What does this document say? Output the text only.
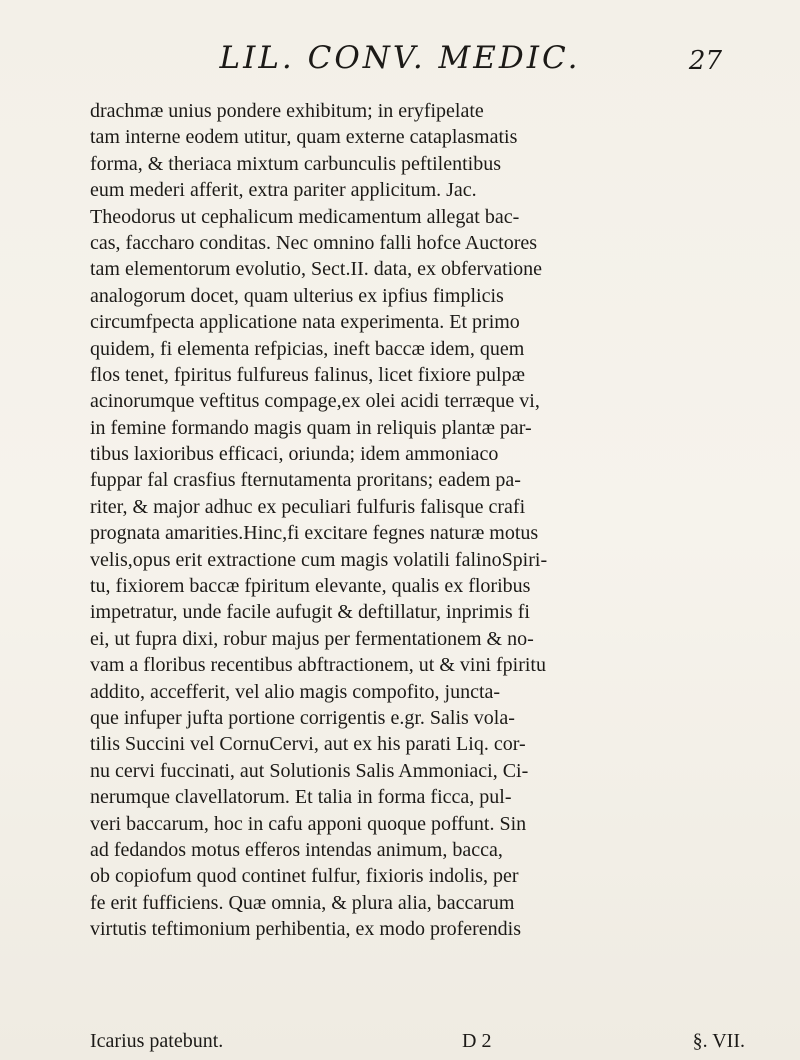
LIL. CONV. MEDIC.	27
drachmæ unius pondere exhibitum; in eryfipelate
tam interne eodem utitur, quam externe cataplasmatis
forma, & theriaca mixtum carbunculis peftilentibus
eum mederi afferit, extra pariter applicitum. Jac.
Theodorus ut cephalicum medicamentum allegat bac-
cas, faccharo conditas. Nec omnino falli hofce Auctores
tam elementorum evolutio, Sect.II. data, ex obfervatione
analogorum docet, quam ulterius ex ipfius fimplicis
circumfpecta applicatione nata experimenta. Et primo
quidem, fi elementa refpicias, ineft baccæ idem, quem
flos tenet, fpiritus fulfureus falinus, licet fixiore pulpæ
acinorumque veftitus compage,ex olei acidi terræque vi,
in femine formando magis quam in reliquis plantæ par-
tibus laxioribus efficaci, oriunda; idem ammoniaco
fuppar fal crasfius fternutamenta proritans; eadem pa-
riter, & major adhuc ex peculiari fulfuris falisque crafi
prognata amarities.Hinc,fi excitare fegnes naturæ motus
velis,opus erit extractione cum magis volatili falinoSpiri-
tu, fixiorem baccæ fpiritum elevante, qualis ex floribus
impetratur, unde facile aufugit & deftillatur, inprimis fi
ei, ut fupra dixi, robur majus per fermentationem & no-
vam a floribus recentibus abftractionem, ut & vini fpiritu
addito, accefferit, vel alio magis compofito, juncta-
que infuper jufta portione corrigentis e.gr. Salis vola-
tilis Succini vel CornuCervi, aut ex his parati Liq. cor-
nu cervi fuccinati, aut Solutionis Salis Ammoniaci, Ci-
nerumque clavellatorum. Et talia in forma ficca, pul-
veri baccarum, hoc in cafu apponi quoque poffunt. Sin
ad fedandos motus efferos intendas animum, bacca,
ob copiofum quod continet fulfur, fixioris indolis, per
fe erit fufficiens. Quæ omnia, & plura alia, baccarum
virtutis teftimonium perhibentia, ex modo proferendis
Icarius patebunt.	D 2	§. VII.
